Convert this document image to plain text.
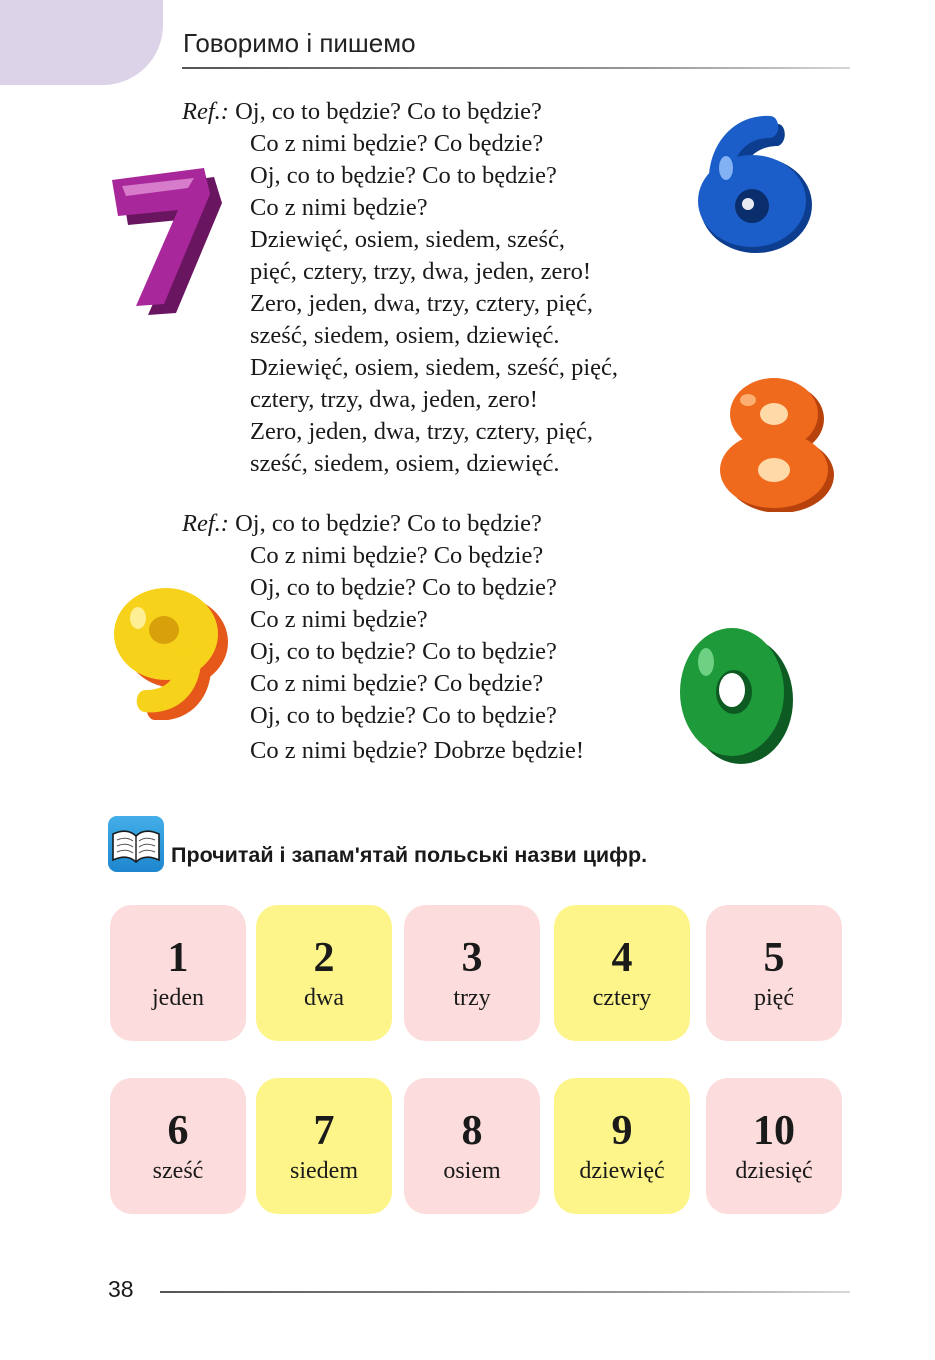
Говоримо і пишемо
Ref.: Oj, co to będzie? Co to będzie?
Co z nimi będzie? Co będzie?
Oj, co to będzie? Co to będzie?
Co z nimi będzie?
Dziewięć, osiem, siedem, sześć,
pięć, cztery, trzy, dwa, jeden, zero!
Zero, jeden, dwa, trzy, cztery, pięć,
sześć, siedem, osiem, dziewięć.
Dziewięć, osiem, siedem, sześć, pięć,
cztery, trzy, dwa, jeden, zero!
Zero, jeden, dwa, trzy, cztery, pięć,
sześć, siedem, osiem, dziewięć.
Ref.: Oj, co to będzie? Co to będzie?
Co z nimi będzie? Co będzie?
Oj, co to będzie? Co to będzie?
Co z nimi będzie?
Oj, co to będzie? Co to będzie?
Co z nimi będzie? Co będzie?
Oj, co to będzie? Co to będzie?
Co z nimi będzie? Dobrze będzie!
Прочитай і запам'ятай польські назви цифр.
1
jeden
2
dwa
3
trzy
4
cztery
5
pięć
6
sześć
7
siedem
8
osiem
9
dziewięć
10
dziesięć
38
